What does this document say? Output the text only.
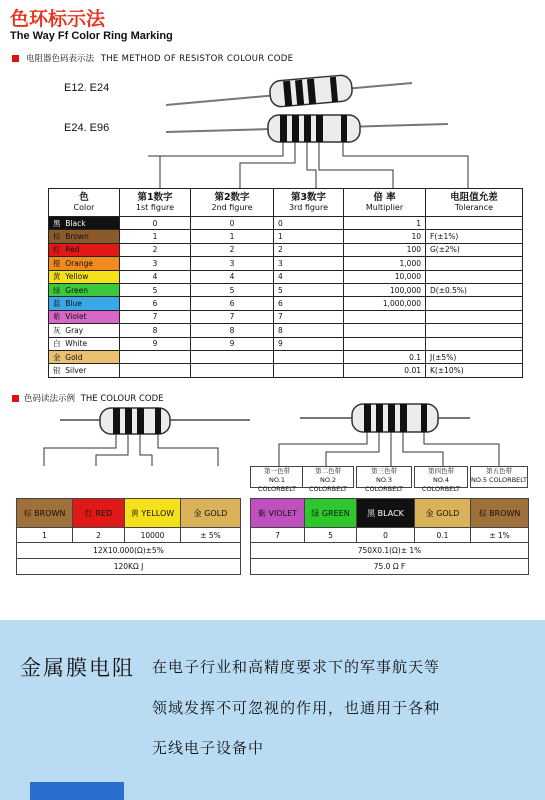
色环标示法
The Way Ff Color Ring Marking
电阻器色码表示法 THE METHOD OF RESISTOR COLOUR CODE
E12. E24
E24. E96
色
Color	第1数字
1st figure	第2数字
2nd figure	第3数字
3rd figure	倍 率
Multiplier	电阻值允差
Tolerance
黑 Black	0	0	0	1	
棕 Brown	1	1	1	10	F(±1%)
红 Red	2	2	2	100	G(±2%)
橙 Orange	3	3	3	1,000	
黄 Yellow	4	4	4	10,000	
绿 Green	5	5	5	100,000	D(±0.5%)
蓝 Blue	6	6	6	1,000,000	
紫 Violet	7	7	7		
灰 Gray	8	8	8		
白 White	9	9	9		
金 Gold				0.1	J(±5%)
银 Silver				0.01	K(±10%)
色码读法示例 THE COLOUR CODE
第一色带
NO.1 COLORBELT
第二色带
NO.2 COLORBELT
第三色带
NO.3 COLORBELT
第四色带
NO.4 COLORBELT
第五色带
NO.5 COLORBELT
棕 BROWN	红 RED	黄 YELLOW	金 GOLD
1	2	10000	± 5%
12X10.000(Ω)±5%			
120KΩ J			
紫 VIOLET	绿 GREEN	黑 BLACK	金 GOLD	棕 BROWN
7	5	0	0.1	± 1%
750X0.1(Ω)± 1%				
75.0 Ω F				
金属膜电阻 在电子行业和高精度要求下的军事航天等
领域发挥不可忽视的作用，也通用于各种
无线电子设备中
